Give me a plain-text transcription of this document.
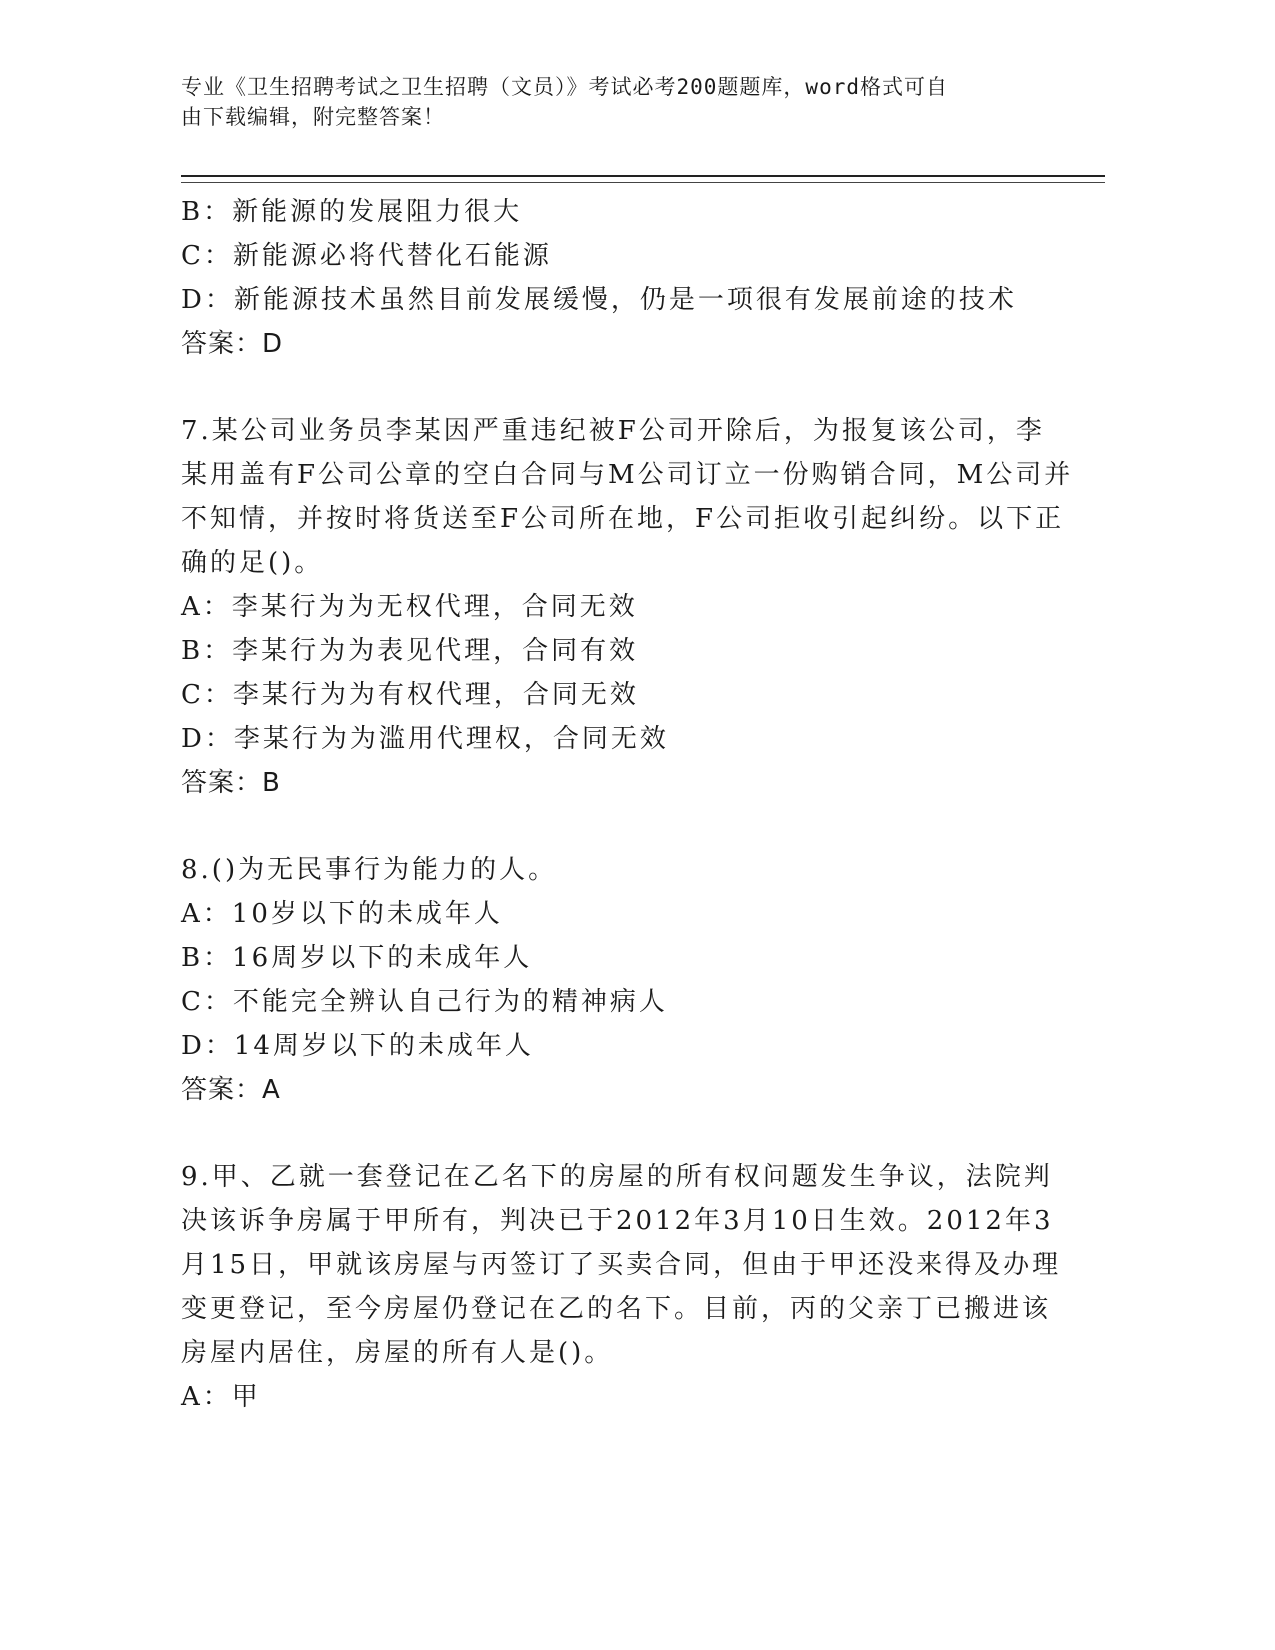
专业《卫生招聘考试之卫生招聘（文员）》考试必考200题题库，word格式可自
由下载编辑，附完整答案！
B：新能源的发展阻力很大
C：新能源必将代替化石能源
D：新能源技术虽然目前发展缓慢，仍是一项很有发展前途的技术
答案：D
7.某公司业务员李某因严重违纪被F公司开除后，为报复该公司，李
某用盖有F公司公章的空白合同与M公司订立一份购销合同，M公司并
不知情，并按时将货送至F公司所在地，F公司拒收引起纠纷。以下正
确的足()。
A：李某行为为无权代理，合同无效
B：李某行为为表见代理，合同有效
C：李某行为为有权代理，合同无效
D：李某行为为滥用代理权，合同无效
答案：B
8.()为无民事行为能力的人。
A：10岁以下的未成年人
B：16周岁以下的未成年人
C：不能完全辨认自己行为的精神病人
D：14周岁以下的未成年人
答案：A
9.甲、乙就一套登记在乙名下的房屋的所有权问题发生争议，法院判
决该诉争房属于甲所有，判决已于2012年3月10日生效。2012年3
月15日，甲就该房屋与丙签订了买卖合同，但由于甲还没来得及办理
变更登记，至今房屋仍登记在乙的名下。目前，丙的父亲丁已搬进该
房屋内居住，房屋的所有人是()。
A：甲
